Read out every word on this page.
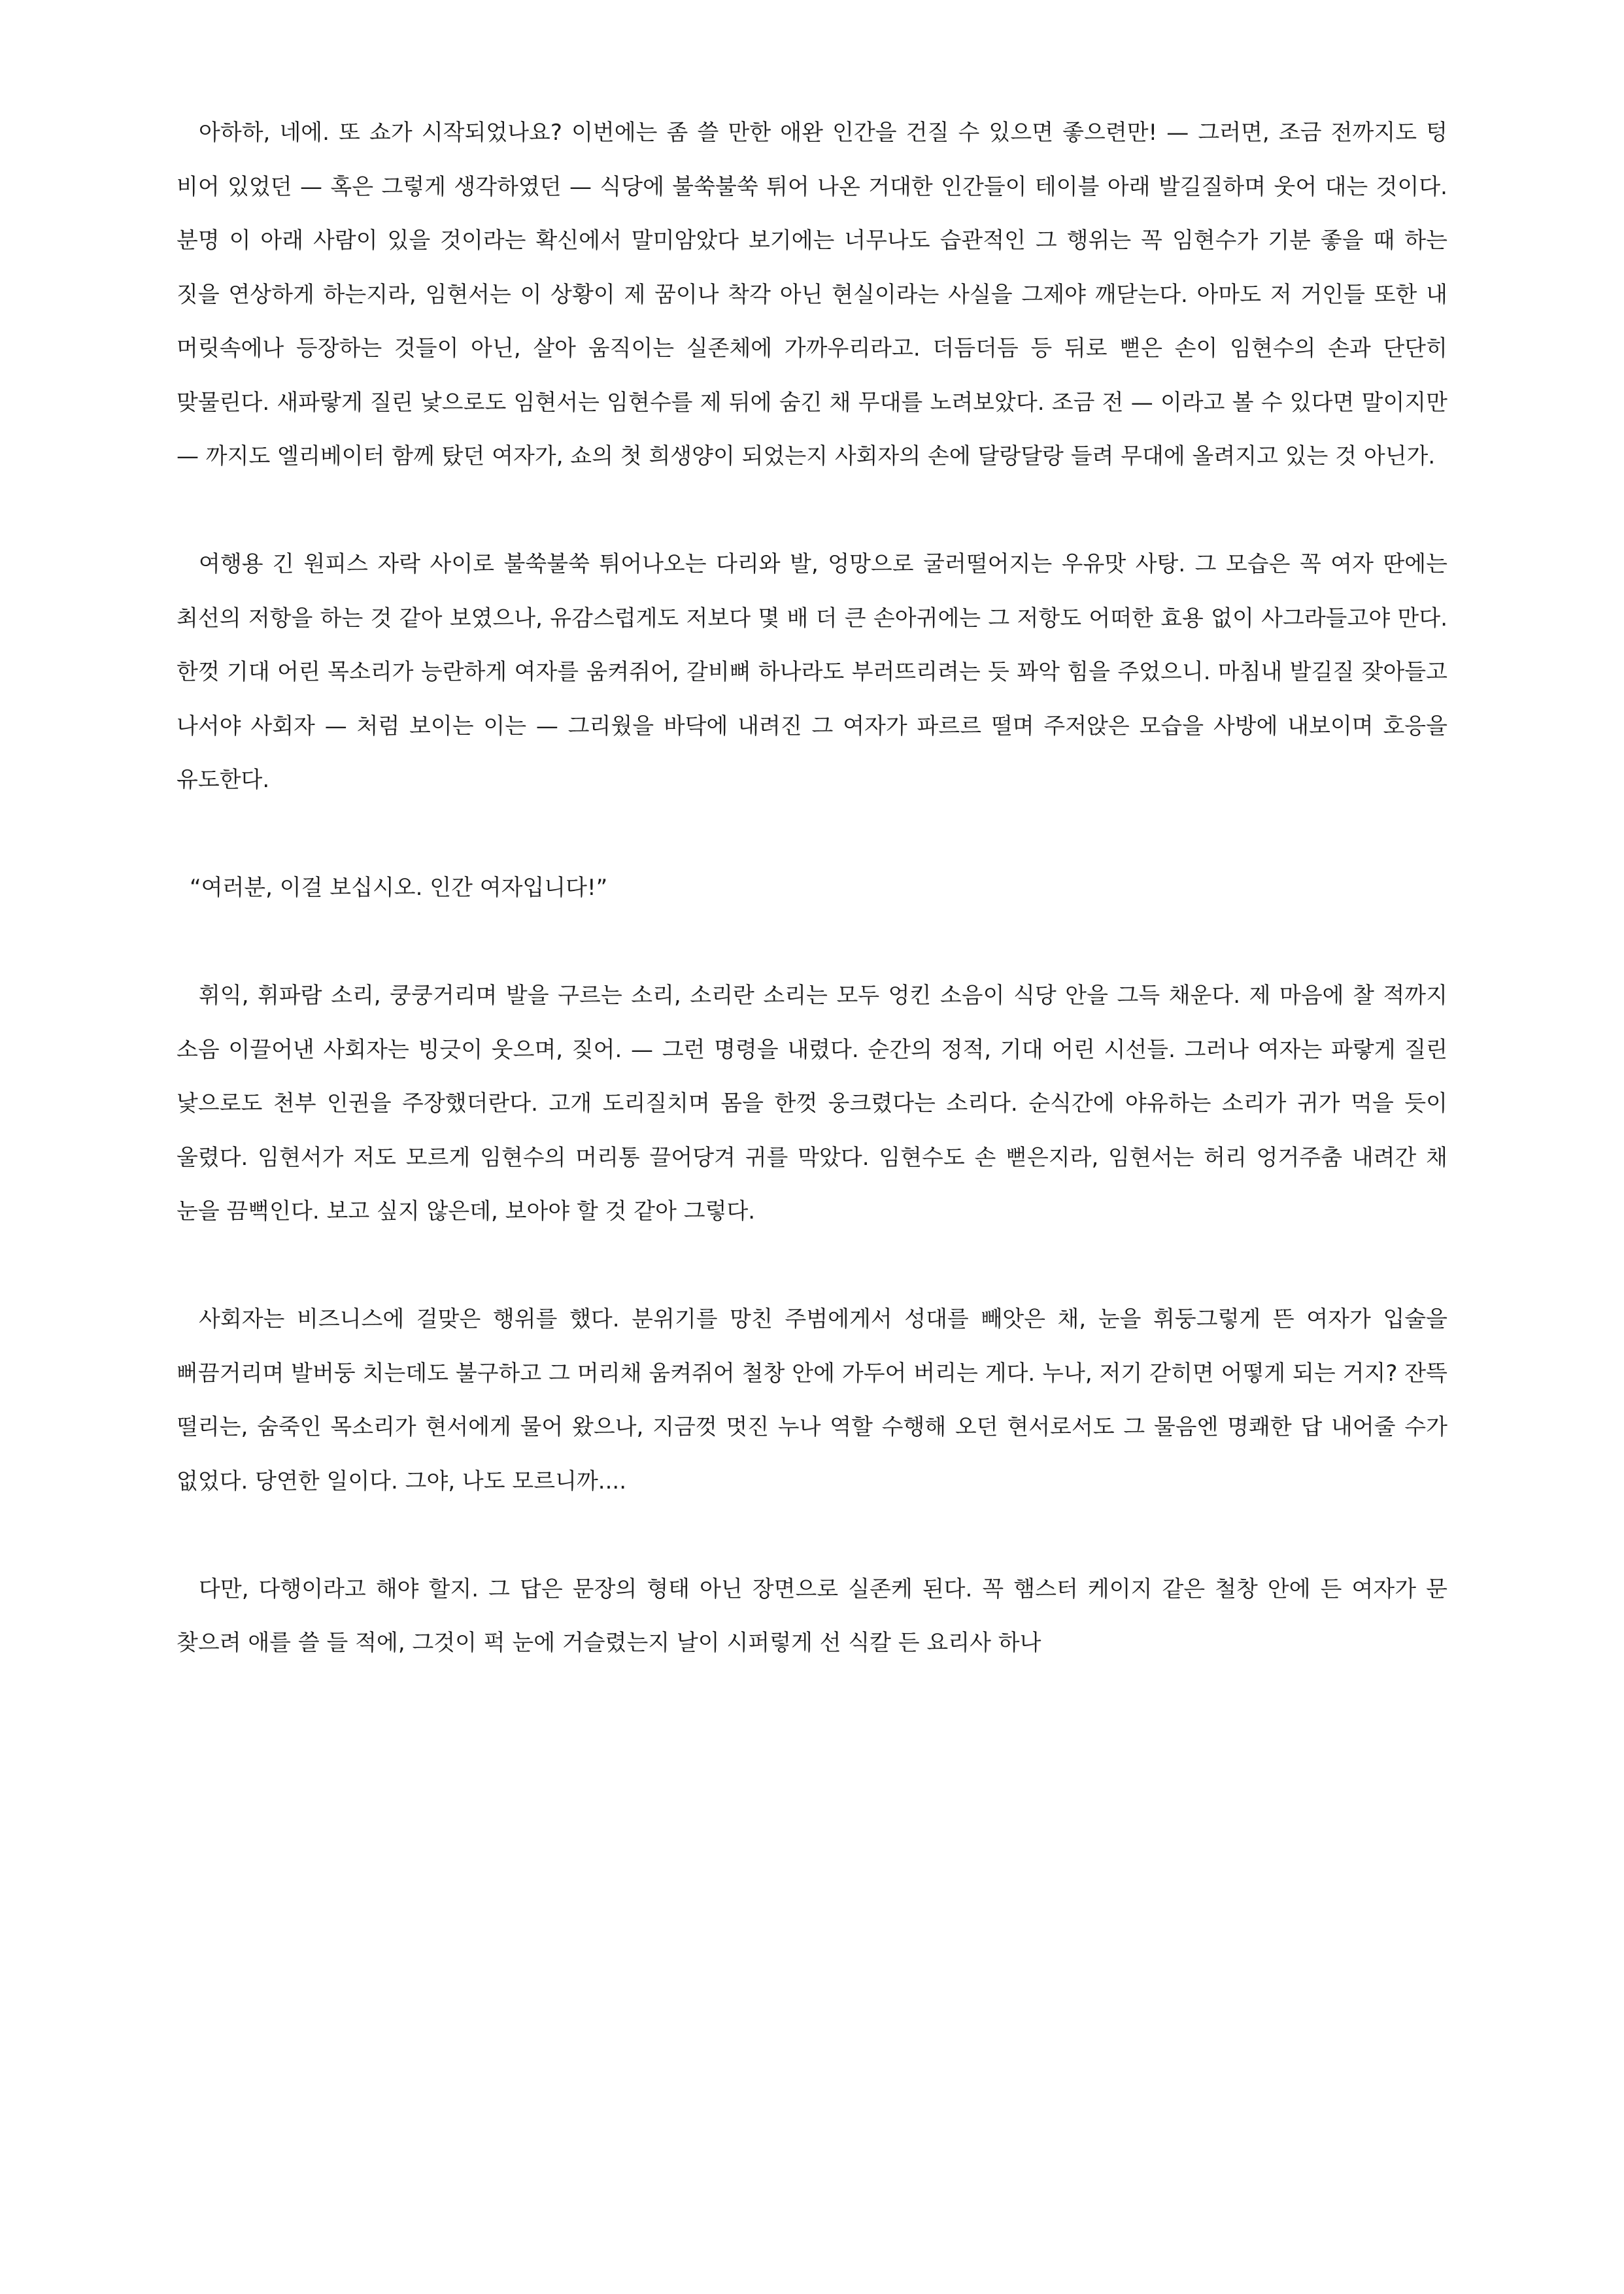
아하하, 네에. 또 쇼가 시작되었나요? 이번에는 좀 쓸 만한 애완 인간을 건질 수 있으면 좋으련만! — 그러면, 조금 전까지도 텅 비어 있었던 — 혹은 그렇게 생각하였던 — 식당에 불쑥불쑥 튀어 나온 거대한 인간들이 테이블 아래 발길질하며 웃어 대는 것이다. 분명 이 아래 사람이 있을 것이라는 확신에서 말미암았다 보기에는 너무나도 습관적인 그 행위는 꼭 임현수가 기분 좋을 때 하는 짓을 연상하게 하는지라, 임현서는 이 상황이 제 꿈이나 착각 아닌 현실이라는 사실을 그제야 깨닫는다. 아마도 저 거인들 또한 내 머릿속에나 등장하는 것들이 아닌, 살아 움직이는 실존체에 가까우리라고. 더듬더듬 등 뒤로 뻗은 손이 임현수의 손과 단단히 맞물린다. 새파랗게 질린 낯으로도 임현서는 임현수를 제 뒤에 숨긴 채 무대를 노려보았다. 조금 전 — 이라고 볼 수 있다면 말이지만 — 까지도 엘리베이터 함께 탔던 여자가, 쇼의 첫 희생양이 되었는지 사회자의 손에 달랑달랑 들려 무대에 올려지고 있는 것 아닌가.

여행용 긴 원피스 자락 사이로 불쑥불쑥 튀어나오는 다리와 발, 엉망으로 굴러떨어지는 우유맛 사탕. 그 모습은 꼭 여자 딴에는 최선의 저항을 하는 것 같아 보였으나, 유감스럽게도 저보다 몇 배 더 큰 손아귀에는 그 저항도 어떠한 효용 없이 사그라들고야 만다. 한껏 기대 어린 목소리가 능란하게 여자를 움켜쥐어, 갈비뼈 하나라도 부러뜨리려는 듯 꽈악 힘을 주었으니. 마침내 발길질 잦아들고 나서야 사회자 — 처럼 보이는 이는 — 그리웠을 바닥에 내려진 그 여자가 파르르 떨며 주저앉은 모습을 사방에 내보이며 호응을 유도한다.

“여러분, 이걸 보십시오. 인간 여자입니다!”

휘익, 휘파람 소리, 쿵쿵거리며 발을 구르는 소리, 소리란 소리는 모두 엉킨 소음이 식당 안을 그득 채운다. 제 마음에 찰 적까지 소음 이끌어낸 사회자는 빙긋이 웃으며, 짖어. — 그런 명령을 내렸다. 순간의 정적, 기대 어린 시선들. 그러나 여자는 파랗게 질린 낯으로도 천부 인권을 주장했더란다. 고개 도리질치며 몸을 한껏 웅크렸다는 소리다. 순식간에 야유하는 소리가 귀가 먹을 듯이 울렸다. 임현서가 저도 모르게 임현수의 머리통 끌어당겨 귀를 막았다. 임현수도 손 뻗은지라, 임현서는 허리 엉거주춤 내려간 채 눈을 끔뻑인다. 보고 싶지 않은데, 보아야 할 것 같아 그렇다.

사회자는 비즈니스에 걸맞은 행위를 했다. 분위기를 망친 주범에게서 성대를 빼앗은 채, 눈을 휘둥그렇게 뜬 여자가 입술을 뻐끔거리며 발버둥 치는데도 불구하고 그 머리채 움켜쥐어 철창 안에 가두어 버리는 게다. 누나, 저기 갇히면 어떻게 되는 거지? 잔뜩 떨리는, 숨죽인 목소리가 현서에게 물어 왔으나, 지금껏 멋진 누나 역할 수행해 오던 현서로서도 그 물음엔 명쾌한 답 내어줄 수가 없었다. 당연한 일이다. 그야, 나도 모르니까....

다만, 다행이라고 해야 할지. 그 답은 문장의 형태 아닌 장면으로 실존케 된다. 꼭 햄스터 케이지 같은 철창 안에 든 여자가 문 찾으려 애를 쓸 들 적에, 그것이 퍽 눈에 거슬렸는지 날이 시퍼렇게 선 식칼 든 요리사 하나
